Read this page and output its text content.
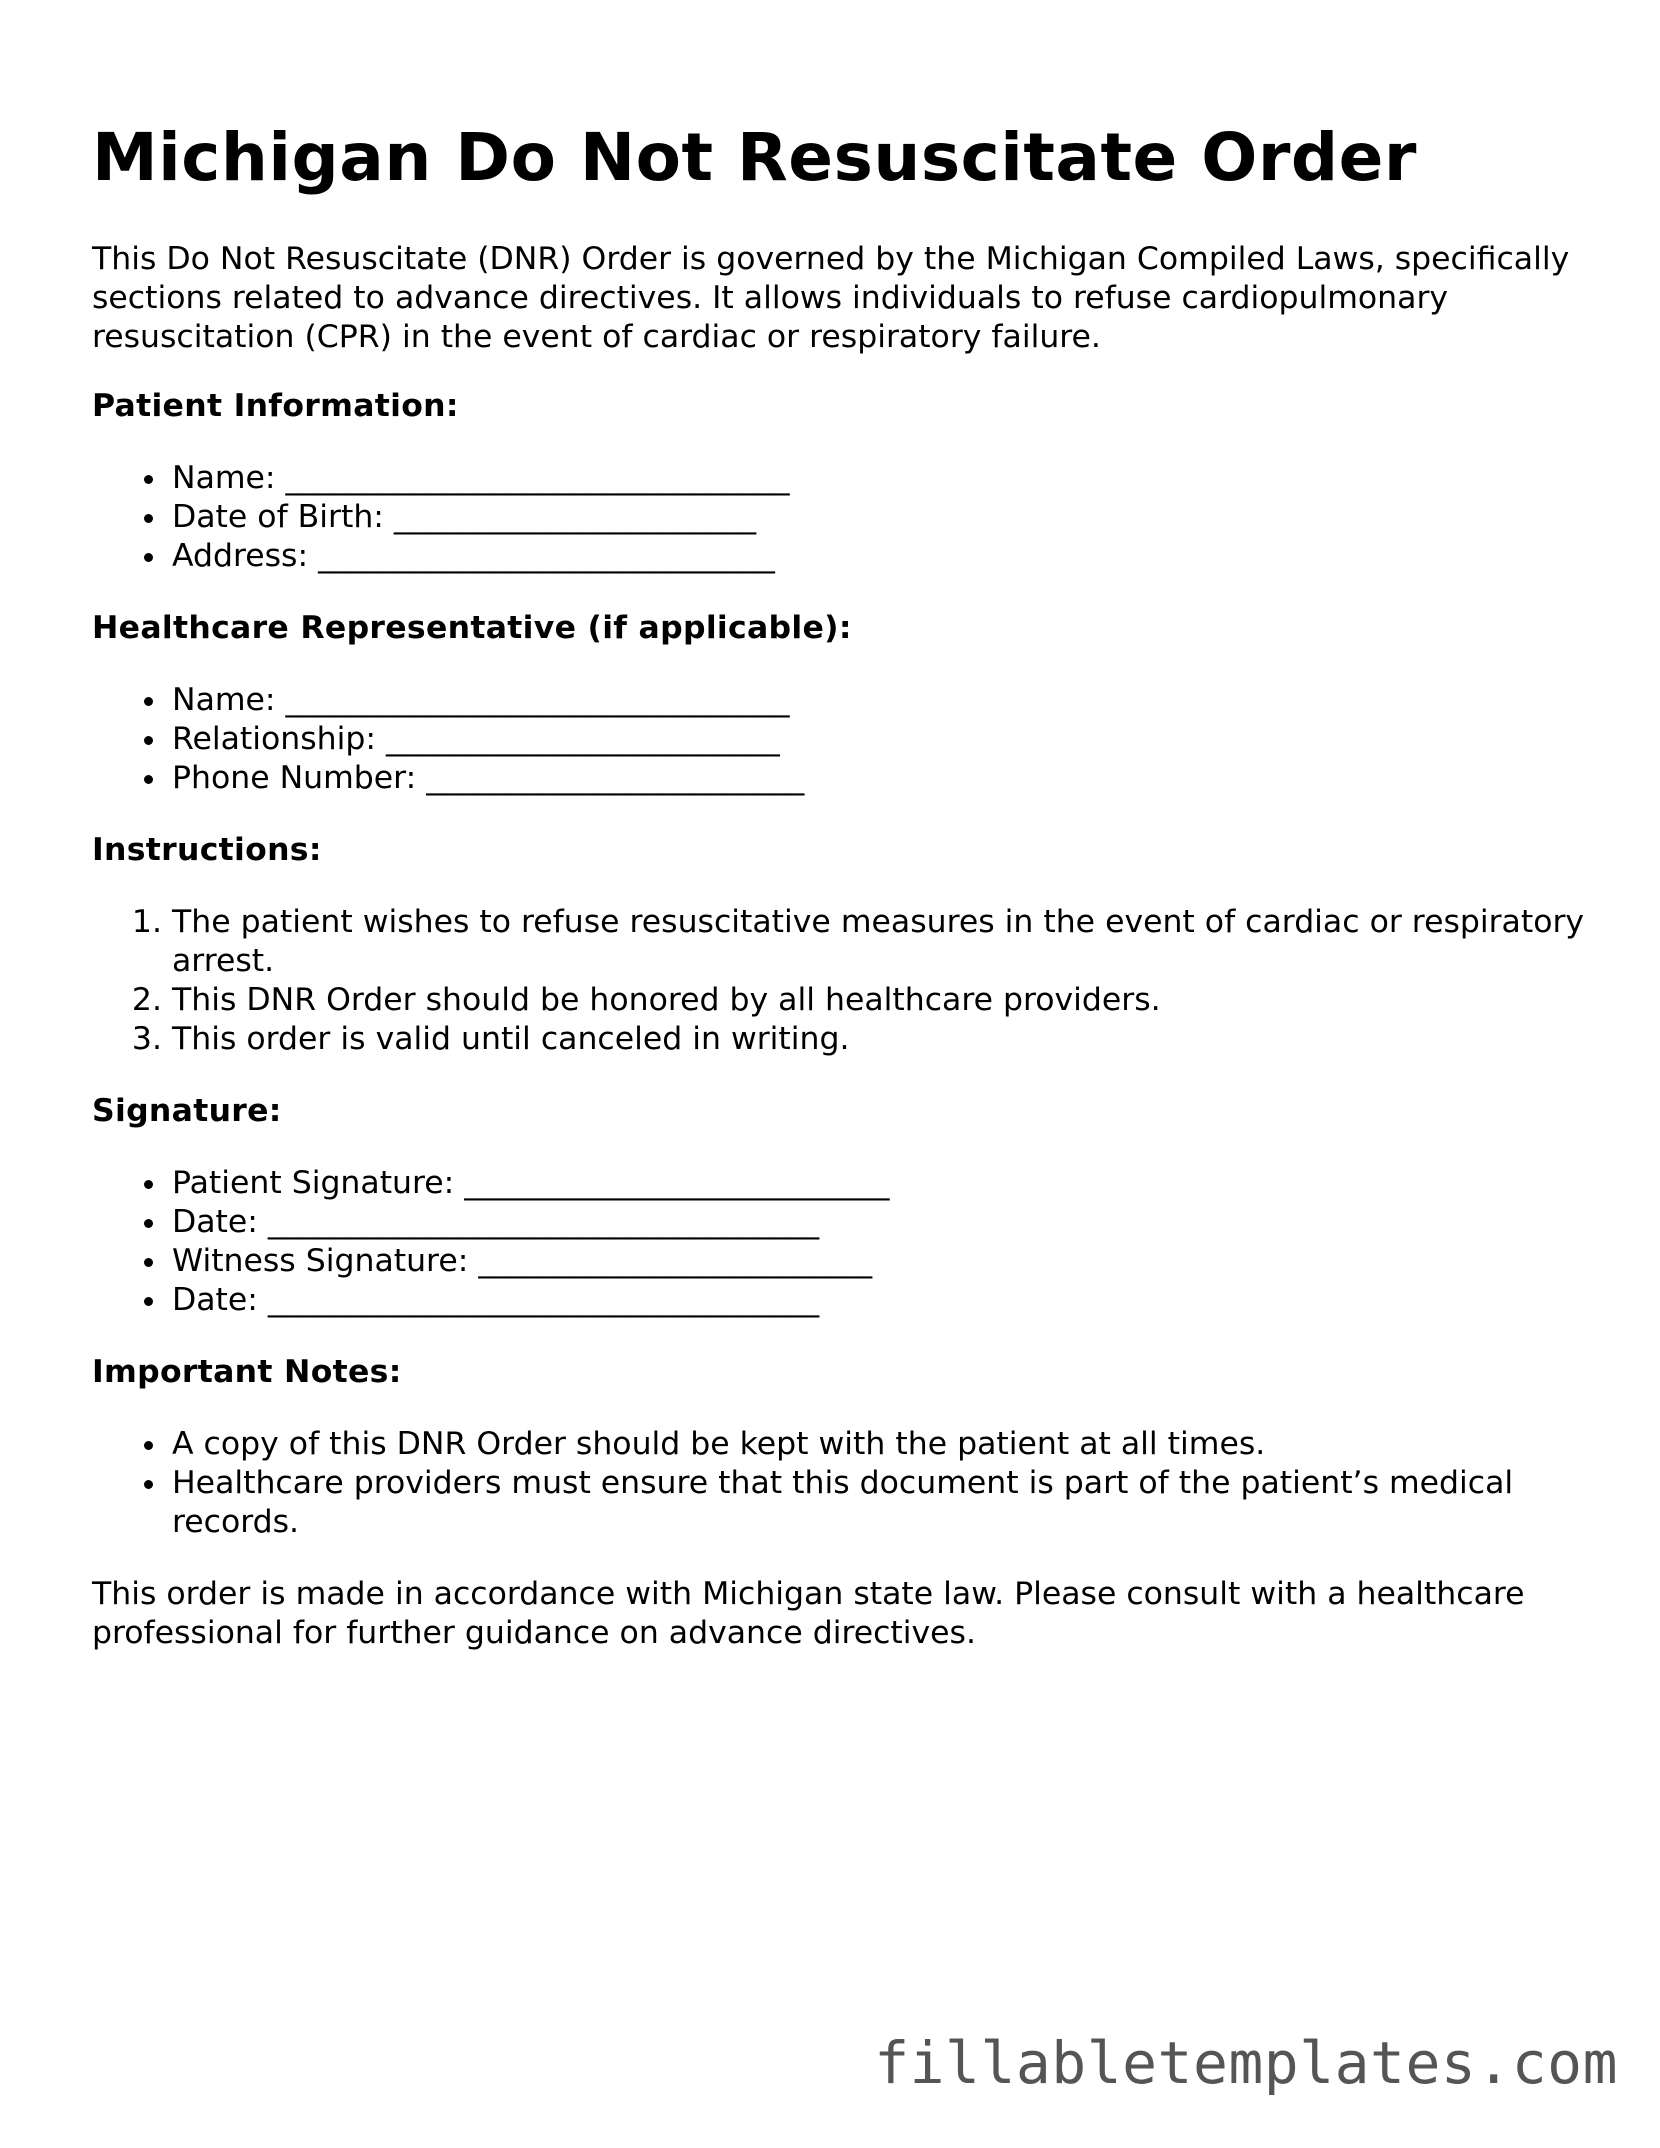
Michigan Do Not Resuscitate Order

This Do Not Resuscitate (DNR) Order is governed by the Michigan Compiled Laws, specifically sections related to advance directives. It allows individuals to refuse cardiopulmonary resuscitation (CPR) in the event of cardiac or respiratory failure.

Patient Information:
Name: ________________________________
Date of Birth: _______________________
Address: _____________________________
Healthcare Representative (if applicable):
Name: ________________________________
Relationship: _________________________
Phone Number: ________________________
Instructions:
1. The patient wishes to refuse resuscitative measures in the event of cardiac or respiratory arrest.
2. This DNR Order should be honored by all healthcare providers.
3. This order is valid until canceled in writing.
Signature:
Patient Signature: ___________________________
Date: ___________________________________
Witness Signature: _________________________
Date: ___________________________________
Important Notes:
A copy of this DNR Order should be kept with the patient at all times.
Healthcare providers must ensure that this document is part of the patient’s medical records.

This order is made in accordance with Michigan state law. Please consult with a healthcare professional for further guidance on advance directives.

fillabletemplates.com
